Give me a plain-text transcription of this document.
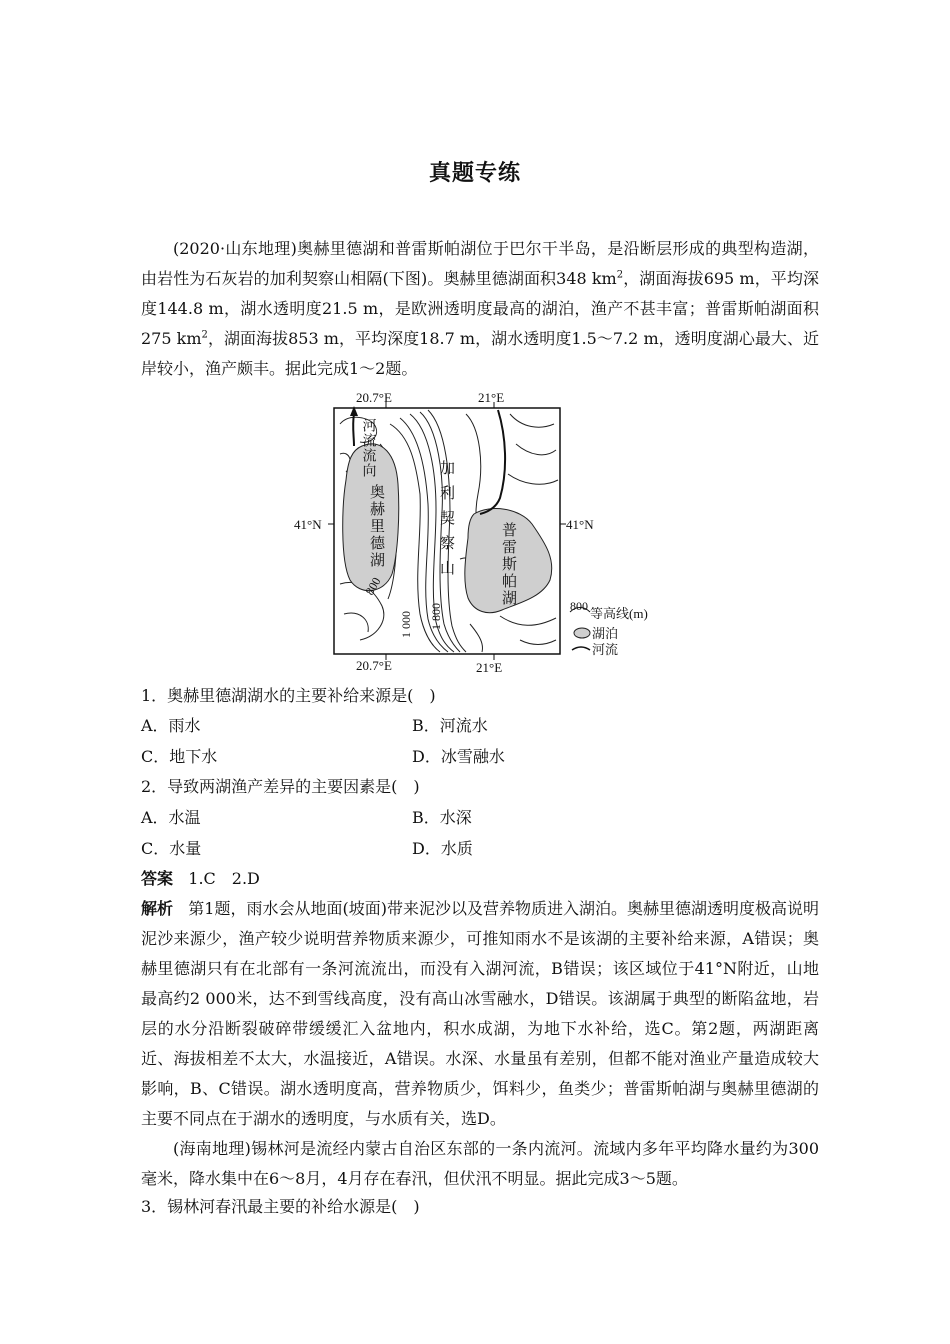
真题专练
(2020·山东地理)奥赫里德湖和普雷斯帕湖位于巴尔干半岛，是沿断层形成的典型构造湖，由岩性为石灰岩的加利契察山相隔(下图)。奥赫里德湖面积348 $km^2$，湖面海拔695 m，平均深度144.8 m，湖水透明度21.5 m，是欧洲透明度最高的湖泊，渔产不甚丰富；普雷斯帕湖面积275 $km^2$，湖面海拔853 m，平均深度18.7 m，湖水透明度1.5～7.2 m，透明度湖心最大、近岸较小，渔产颇丰。据此完成1～2题。
20.7°E	21°E
20.7°E	21°E
41°N	41°N
河流流向
奥赫里德湖	加利契察山	普雷斯帕湖
800
1 000 1 800	800 等高线(m)
湖泊
河流
1．奥赫里德湖湖水的主要补给来源是(　)
A．雨水	B．河流水
C．地下水	D．冰雪融水
2．导致两湖渔产差异的主要因素是(　)
A．水温	B．水深
C．水量	D．水质
答案 1.C　2.D
解析 第1题，雨水会从地面(坡面)带来泥沙以及营养物质进入湖泊。奥赫里德湖透明度极高说明泥沙来源少，渔产较少说明营养物质来源少，可推知雨水不是该湖的主要补给来源，A错误；奥赫里德湖只有在北部有一条河流流出，而没有入湖河流，B错误；该区域位于41°N附近，山地最高约2 000米，达不到雪线高度，没有高山冰雪融水，D错误。该湖属于典型的断陷盆地，岩层的水分沿断裂破碎带缓缓汇入盆地内，积水成湖，为地下水补给，选C。第2题，两湖距离近、海拔相差不太大，水温接近，A错误。水深、水量虽有差别，但都不能对渔业产量造成较大影响，B、C错误。湖水透明度高，营养物质少，饵料少，鱼类少；普雷斯帕湖与奥赫里德湖的主要不同点在于湖水的透明度，与水质有关，选D。
(海南地理)锡林河是流经内蒙古自治区东部的一条内流河。流域内多年平均降水量约为300毫米，降水集中在6～8月，4月存在春汛，但伏汛不明显。据此完成3～5题。
3．锡林河春汛最主要的补给水源是(　)
